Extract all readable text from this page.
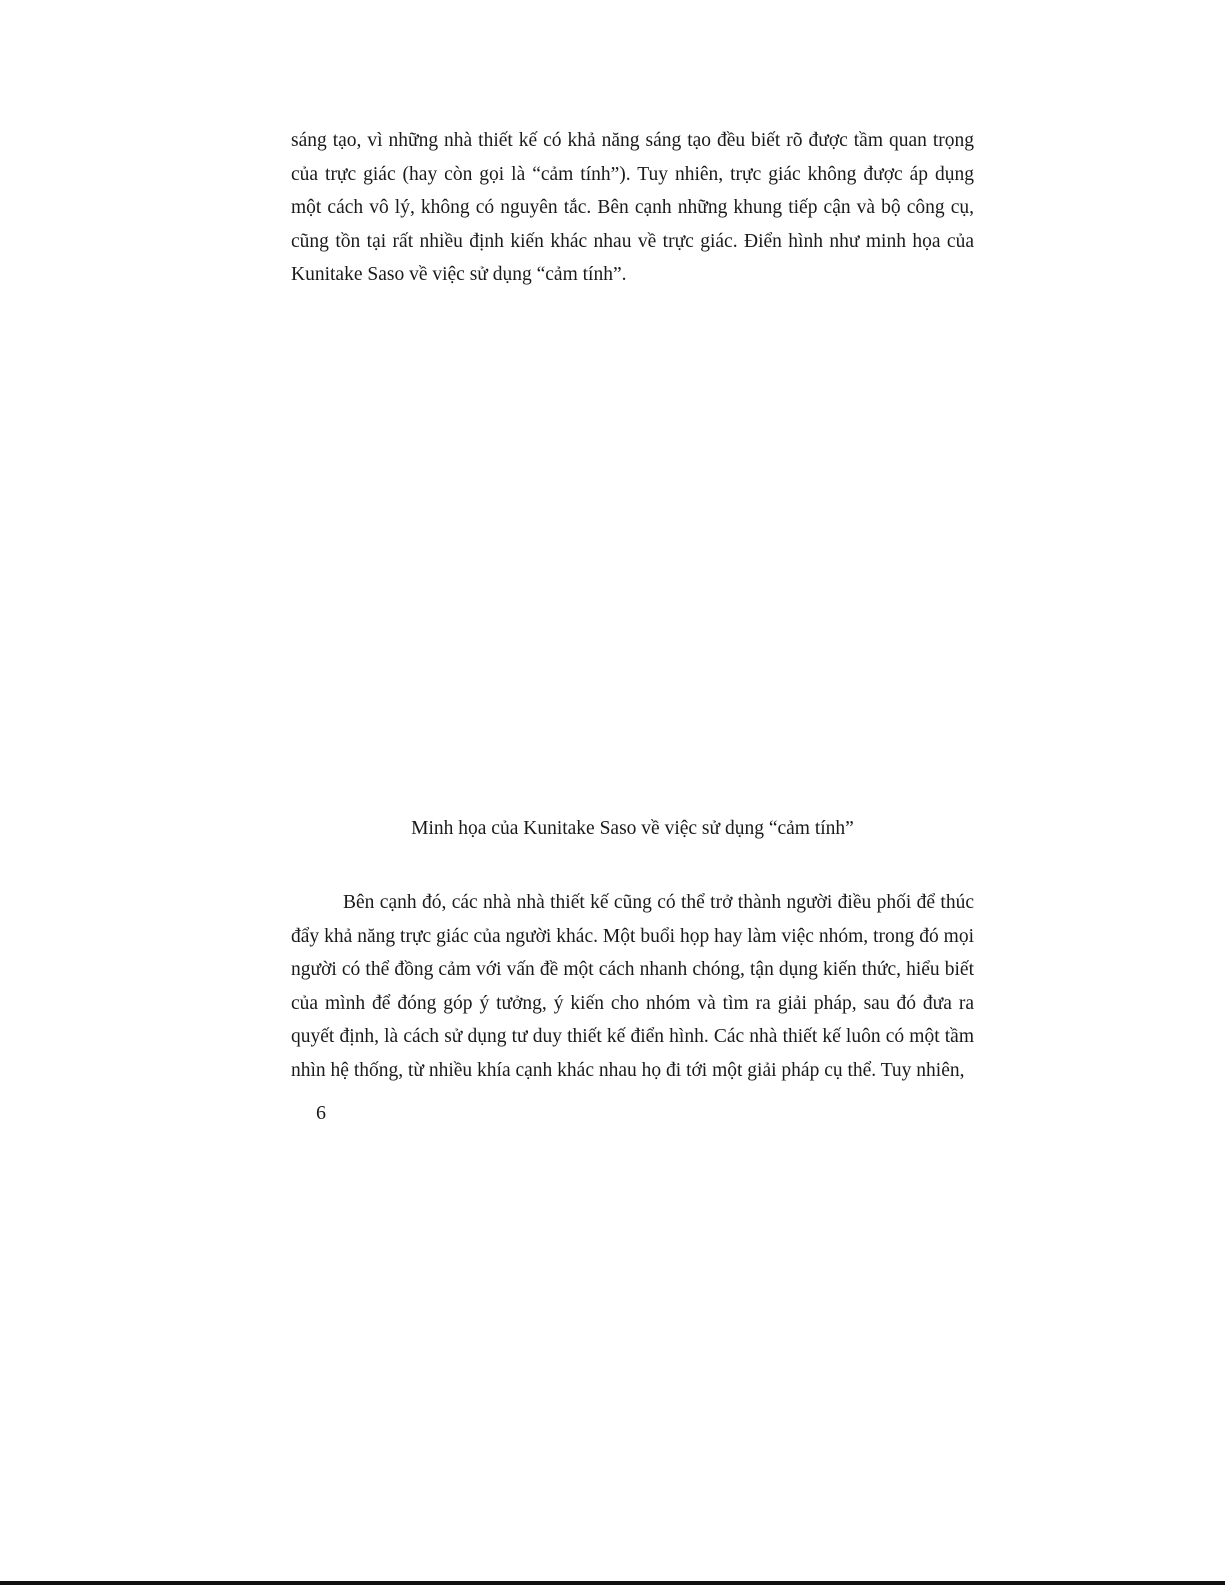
sáng tạo, vì những nhà thiết kế có khả năng sáng tạo đều biết rõ được tầm quan trọng của trực giác (hay còn gọi là “cảm tính”). Tuy nhiên, trực giác không được áp dụng một cách vô lý, không có nguyên tắc. Bên cạnh những khung tiếp cận và bộ công cụ, cũng tồn tại rất nhiều định kiến khác nhau về trực giác. Điển hình như minh họa của Kunitake Saso về việc sử dụng “cảm tính”.

Minh họa của Kunitake Saso về việc sử dụng “cảm tính”

Bên cạnh đó, các nhà nhà thiết kế cũng có thể trở thành người điều phối để thúc đẩy khả năng trực giác của người khác. Một buổi họp hay làm việc nhóm, trong đó mọi người có thể đồng cảm với vấn đề một cách nhanh chóng, tận dụng kiến thức, hiểu biết của mình để đóng góp ý tưởng, ý kiến cho nhóm và tìm ra giải pháp, sau đó đưa ra quyết định, là cách sử dụng tư duy thiết kế điển hình. Các nhà thiết kế luôn có một tầm nhìn hệ thống, từ nhiều khía cạnh khác nhau họ đi tới một giải pháp cụ thể. Tuy nhiên,

6
